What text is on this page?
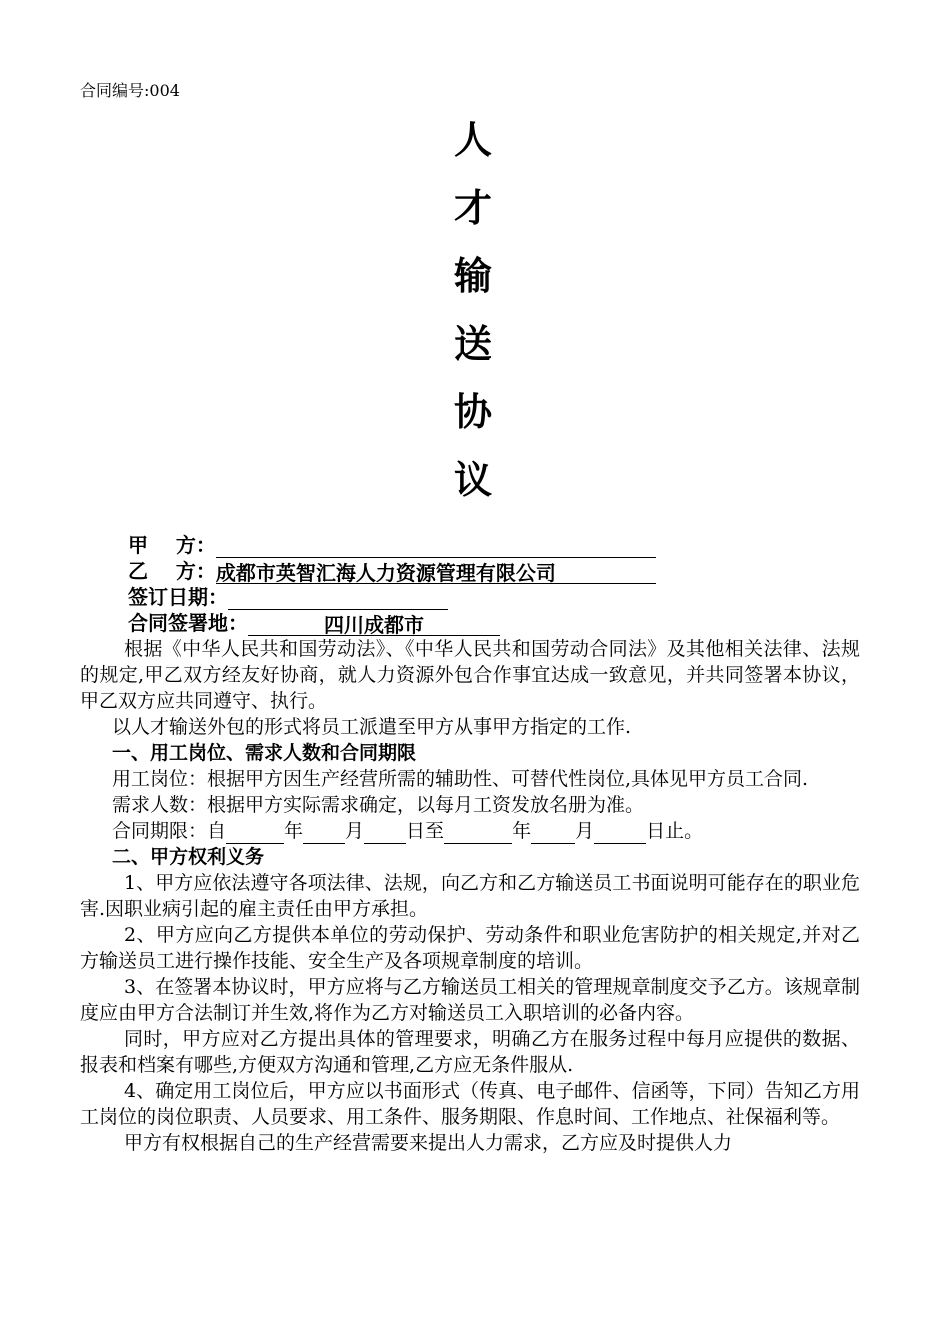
合同编号:004
人
才
输
送
协
议
甲    方：
乙    方：成都市英智汇海人力资源管理有限公司
签订日期：
合同签署地：	四川成都市

根据《中华人民共和国劳动法》、《中华人民共和国劳动合同法》及其他相关法律、法规的规定,甲乙双方经友好协商，就人力资源外包合作事宜达成一致意见，并共同签署本协议，甲乙双方应共同遵守、执行。

以人才输送外包的形式将员工派遣至甲方从事甲方指定的工作.

一、用工岗位、需求人数和合同期限

用工岗位：根据甲方因生产经营所需的辅助性、可替代性岗位,具体见甲方员工合同.

需求人数：根据甲方实际需求确定，以每月工资发放名册为准。

合同期限：自	年 月 日至	年 月	日止。

二、甲方权利义务

1、甲方应依法遵守各项法律、法规，向乙方和乙方输送员工书面说明可能存在的职业危害.因职业病引起的雇主责任由甲方承担。

2、甲方应向乙方提供本单位的劳动保护、劳动条件和职业危害防护的相关规定,并对乙方输送员工进行操作技能、安全生产及各项规章制度的培训。

3、在签署本协议时，甲方应将与乙方输送员工相关的管理规章制度交予乙方。该规章制度应由甲方合法制订并生效,将作为乙方对输送员工入职培训的必备内容。

同时，甲方应对乙方提出具体的管理要求，明确乙方在服务过程中每月应提供的数据、报表和档案有哪些,方便双方沟通和管理,乙方应无条件服从.

4、确定用工岗位后，甲方应以书面形式（传真、电子邮件、信函等，下同）告知乙方用工岗位的岗位职责、人员要求、用工条件、服务期限、作息时间、工作地点、社保福利等。

甲方有权根据自己的生产经营需要来提出人力需求，乙方应及时提供人力
